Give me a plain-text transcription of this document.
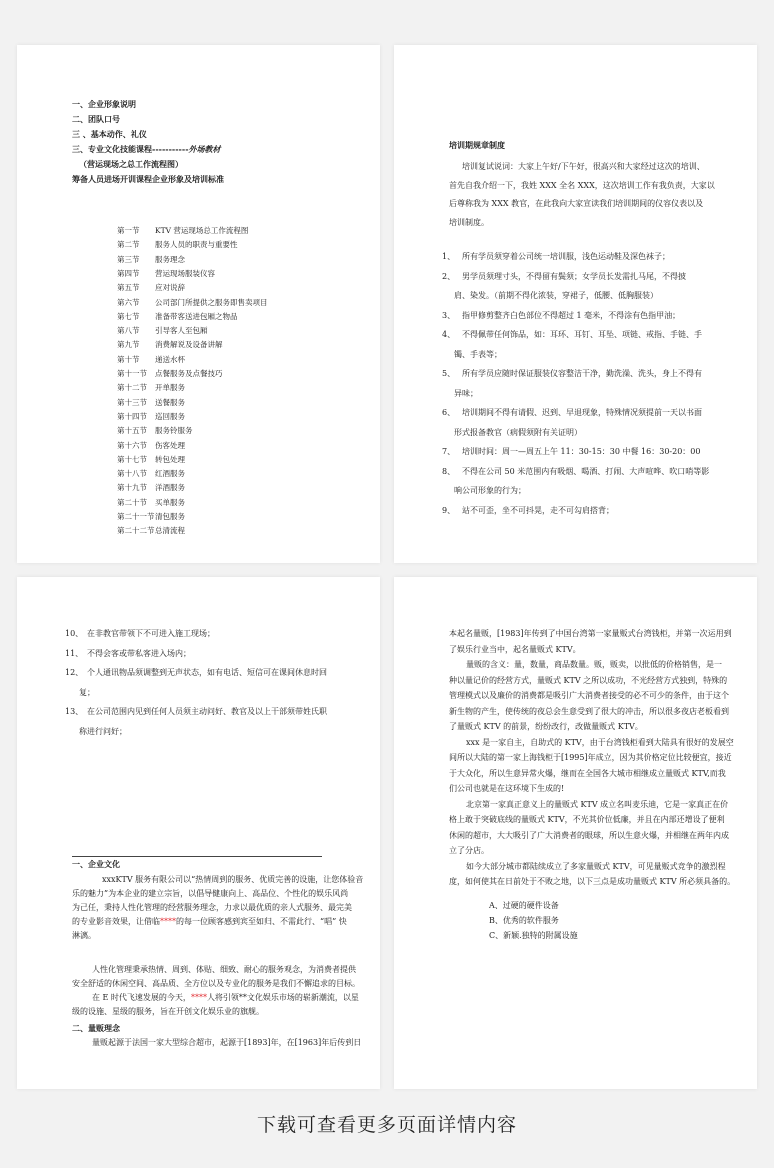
一、企业形象说明
二、团队口号
三 、基本动作、礼仪
三、专业文化技能课程-----------外场教材
（营运现场之总工作流程图）
筹备人员进场开训课程企业形象及培训标准
第一节 KTV 营运现场总工作流程图
第二节 服务人员的职责与重要性
第三节 服务理念
第四节 营运现场服装仪容
第五节 应对说辞
第六节 公司部门所提供之服务即售卖项目
第七节 准备带客送进包厢之物品
第八节 引导客人至包厢
第九节 消费解说及设备讲解
第十节 递送水杯
第十一节 点餐服务及点餐技巧
第十二节 开单服务
第十三节 送餐服务
第十四节 巡回服务
第十五节 服务铃服务
第十六节 伤客处理
第十七节 转包处理
第十八节 红酒服务
第十九节 洋酒服务
第二十节 买单服务
第二十一节清包服务
第二十二节总清流程
培训期规章制度
培训复试说词：大家上午好/下午好，很高兴和大家经过这次的培训、
首先自我介绍一下，我姓 XXX 全名 XXX，这次培训工作有我负责，大家以
后尊称我为 XXX 教官，在此我向大家宣读我们培训期间的仪容仪表以及
培训制度。
1、 所有学员须穿着公司统一培训服，浅色运动鞋及深色袜子；
2、 男学员须理寸头，不得留有鬓须；女学员长发需扎马尾，不得披
肩、染发。（前期不得化浓装，穿裙子，低腰、低胸服装）
3、 指甲修剪整齐白色部位不得超过 1 毫米，不得涂有色指甲油；
4、 不得佩带任何饰品，如：耳环、耳钉、耳坠、项链、戒指、手链、手
镯、手表等；
5、 所有学员应随时保证服装仪容整洁干净，勤洗澡、洗头，身上不得有
异味；
6、 培训期间不得有请假、迟到、早退现象，特殊情况须提前一天以书面
形式报备教官（病假须附有关证明）
7、 培训时间：周一—周五上午 11：30-15：30 中餐 16：30-20：00
8、 不得在公司 50 米范围内有吸烟、喝酒、打闹、大声喧哗、吹口哨等影
响公司形象的行为；
9、 站不可歪，坐不可抖晃，走不可勾肩搭背；
10、 在非教官带领下不可进入施工现场；
11、 不得会客或带私客进入场内；
12、 个人通讯物品须调整到无声状态，如有电话、短信可在课间休息时回
复；
13、 在公司范围内见到任何人员须主动问好、教官及以上干部须带姓氏职
称进行问好；
一、企业文化
xxxKTV 服务有限公司以“热情周到的服务、优质完善的设施，让您体验音
乐的魅力”为本企业的建立宗旨，以倡导健康向上、高品位、个性化的娱乐风尚
为己任，秉持人性化管理的经营服务理念，力求以最优质的亲人式服务、最完美
的专业影音效果，让借临****的每一位顾客感到宾至如归、不需此行、“唱” 快
淋漓。
人性化管理秉承热情、周到、体贴、细致、耐心的服务观念，为消费者提供
安全舒适的休闲空间、高品质、全方位以及专业化的服务是我们不懈追求的目标。
在 E 时代飞速发展的今天，****人将引领**文化娱乐市场的崭新潮流，以星
级的设施、星级的服务，旨在开创文化娱乐业的旗舰。
二、量贩理念
量贩起源于法国一家大型综合超市，起源于[1893]年，在[1963]年后传到日
本起名量贩，[1983]年传到了中国台湾第一家量贩式台湾钱柜，并第一次运用到
了娱乐行业当中，起名量贩式 KTV。
量贩的含义：量，数量，商品数量。贩，贩卖，以批低的价格销售，是一
种以量记价的经营方式，量贩式 KTV 之所以成功，不光经营方式独到，特殊的
管理模式以及廉价的消费都是吸引广大消费者接受的必不可少的条件，由于这个
新生物的产生，使传统的夜总会生意受到了很大的冲击，所以很多夜店老板看到
了量贩式 KTV 的前景，纷纷改行，改做量贩式 KTV。
xxx 是一家自主，自助式的 KTV，由于台湾钱柜看到大陆具有很好的发展空
间所以大陆的第一家上海钱柜于[1995]年成立，因为其价格定位比较便宜，接近
于大众化，所以生意异常火爆，继而在全国各大城市相继成立量贩式 KTV,而我
们公司也就是在这环境下生成的!
北京第一家真正意义上的量贩式 KTV 成立名叫麦乐迪，它是一家真正在价
格上敢于突破底线的量贩式 KTV，不光其价位低廉，并且在内部还增设了便利
休闲的超市，大大吸引了广大消费者的眼球，所以生意火爆，并相继在两年内成
立了分店。
如今大部分城市都陆续成立了多家量贩式 KTV，可见量贩式竞争的激烈程
度，如何使其在日前处于不败之地，以下三点是成功量贩式 KTV 所必须具备的。
A、过硬的硬件设备
B、优秀的软件服务
C、新颖.独特的附属设施
下载可查看更多页面详情内容
